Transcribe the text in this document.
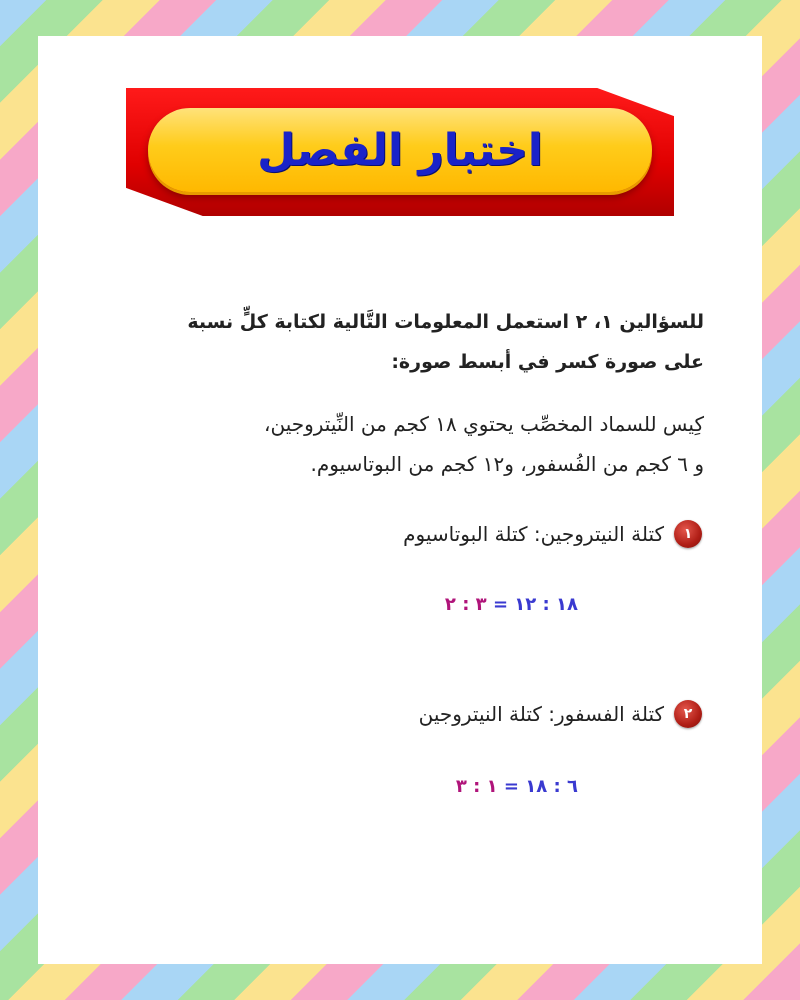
اختبار الفصل
للسؤالين ١، ٢ استعمل المعلومات التَّالية لكتابة كلٍّ نسبة
على صورة كسر في أبسط صورة:
كِيس للسماد المخصِّب يحتوي ١٨ كجم من النِّيتروجين،
و ٦ كجم من الفُسفور، و١٢ كجم من البوتاسيوم.
١
كتلة النيتروجين: كتلة البوتاسيوم
١٨ : ١٢ = ٣ : ٢
٢
كتلة الفسفور: كتلة النيتروجين
٦ : ١٨ = ١ : ٣
